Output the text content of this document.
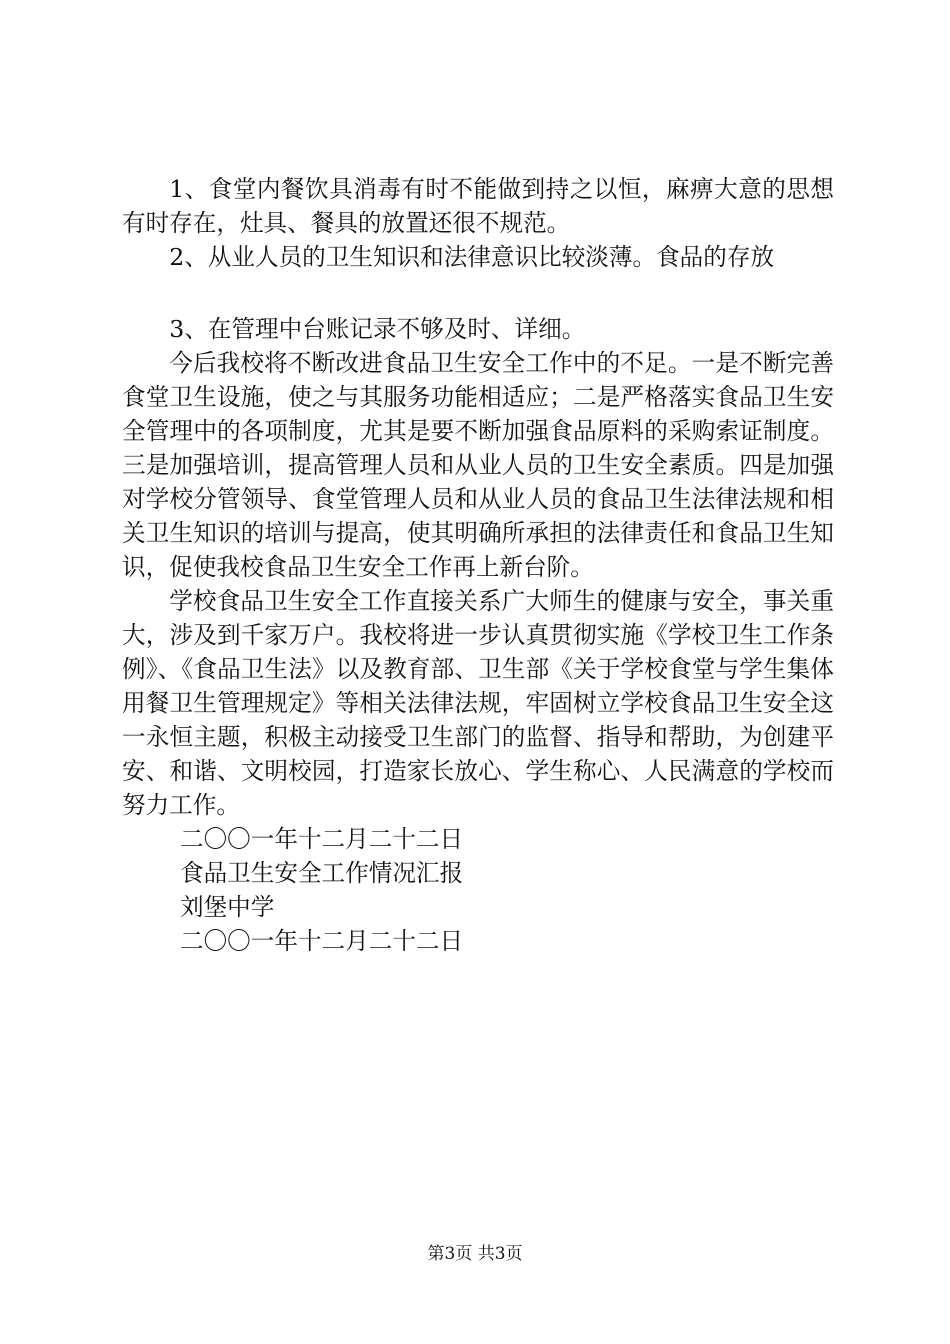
1、食堂内餐饮具消毒有时不能做到持之以恒，麻痹大意的思想有时存在，灶具、餐具的放置还很不规范。

2、从业人员的卫生知识和法律意识比较淡薄。食品的存放

3、在管理中台账记录不够及时、详细。

今后我校将不断改进食品卫生安全工作中的不足。一是不断完善食堂卫生设施，使之与其服务功能相适应；二是严格落实食品卫生安全管理中的各项制度，尤其是要不断加强食品原料的采购索证制度。三是加强培训，提高管理人员和从业人员的卫生安全素质。四是加强对学校分管领导、食堂管理人员和从业人员的食品卫生法律法规和相关卫生知识的培训与提高，使其明确所承担的法律责任和食品卫生知识，促使我校食品卫生安全工作再上新台阶。

学校食品卫生安全工作直接关系广大师生的健康与安全，事关重大，涉及到千家万户。我校将进一步认真贯彻实施《学校卫生工作条例》、《食品卫生法》以及教育部、卫生部《关于学校食堂与学生集体用餐卫生管理规定》等相关法律法规，牢固树立学校食品卫生安全这一永恒主题，积极主动接受卫生部门的监督、指导和帮助，为创建平安、和谐、文明校园，打造家长放心、学生称心、人民满意的学校而努力工作。

二〇〇一年十二月二十二日

食品卫生安全工作情况汇报

刘堡中学

二〇〇一年十二月二十二日

第3页 共3页
